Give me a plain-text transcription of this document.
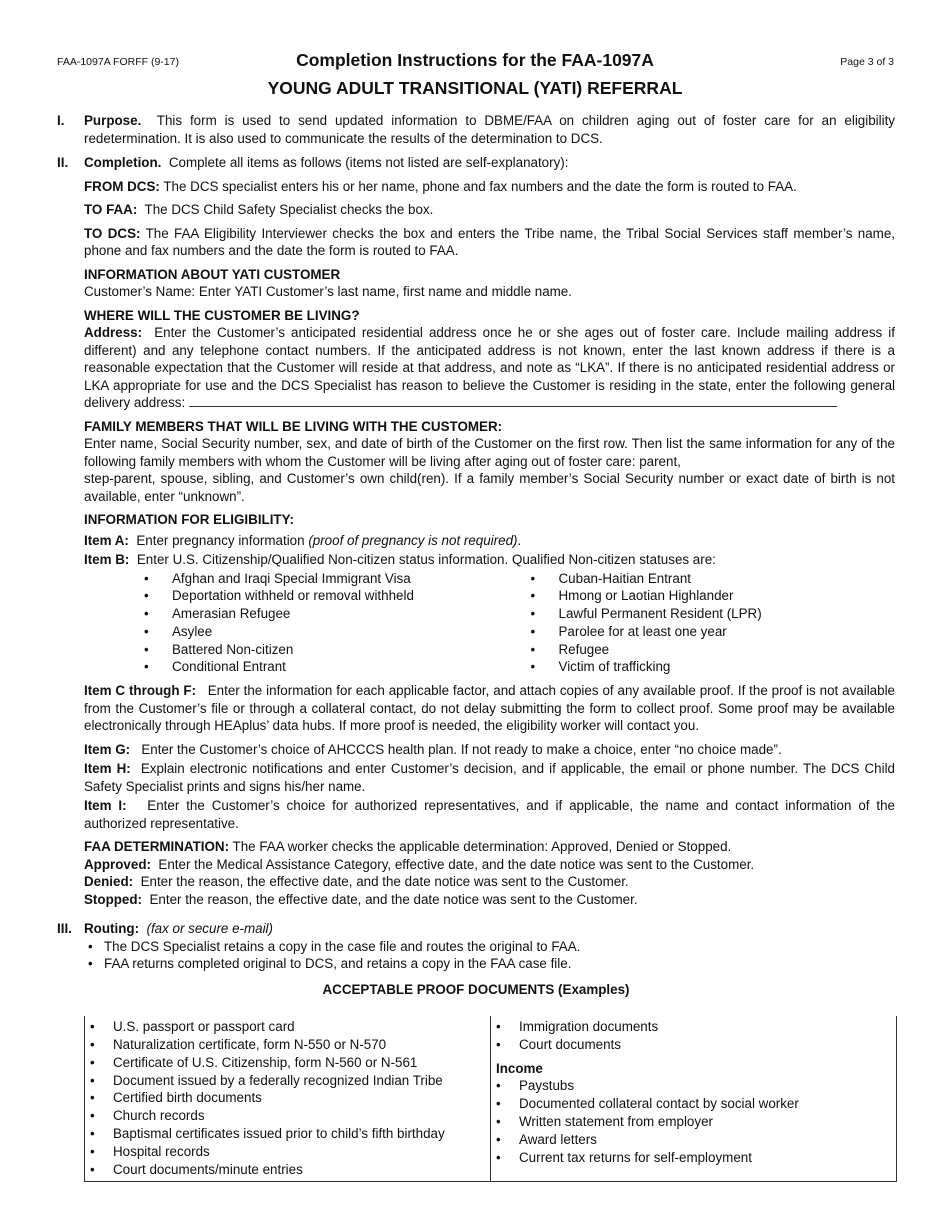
FAA-1097A FORFF (9-17)	Page 3 of 3
Completion Instructions for the FAA-1097A
YOUNG ADULT TRANSITIONAL (YATI) REFERRAL
I. Purpose. This form is used to send updated information to DBME/FAA on children aging out of foster care for an eligibility redetermination. It is also used to communicate the results of the determination to DCS.

II. Completion. Complete all items as follows (items not listed are self-explanatory):

FROM DCS: The DCS specialist enters his or her name, phone and fax numbers and the date the form is routed to FAA.

TO FAA: The DCS Child Safety Specialist checks the box.

TO DCS: The FAA Eligibility Interviewer checks the box and enters the Tribe name, the Tribal Social Services staff member’s name, phone and fax numbers and the date the form is routed to FAA.

INFORMATION ABOUT YATI CUSTOMER

Customer’s Name: Enter YATI Customer’s last name, first name and middle name.

WHERE WILL THE CUSTOMER BE LIVING?

Address: Enter the Customer’s anticipated residential address once he or she ages out of foster care. Include mailing address if different) and any telephone contact numbers. If the anticipated address is not known, enter the last known address if there is a reasonable expectation that the Customer will reside at that address, and note as “LKA”. If there is no anticipated residential address or LKA appropriate for use and the DCS Specialist has reason to believe the Customer is residing in the state, enter the following general delivery address:

FAMILY MEMBERS THAT WILL BE LIVING WITH THE CUSTOMER:
Enter name, Social Security number, sex, and date of birth of the Customer on the first row. Then list the same information for any of the following family members with whom the Customer will be living after aging out of foster care: parent,
step-parent, spouse, sibling, and Customer’s own child(ren). If a family member’s Social Security number or exact date of birth is not available, enter “unknown”.
INFORMATION FOR ELIGIBILITY:

Item A: Enter pregnancy information (proof of pregnancy is not required).

Item B: Enter U.S. Citizenship/Qualified Non-citizen status information. Qualified Non-citizen statuses are:

• Afghan and Iraqi Special Immigrant Visa
• Deportation withheld or removal withheld
• Amerasian Refugee
• Asylee
• Battered Non-citizen
• Conditional Entrant
• Cuban-Haitian Entrant
• Hmong or Laotian Highlander
• Lawful Permanent Resident (LPR)
• Parolee for at least one year
• Refugee
• Victim of trafficking

Item C through F: Enter the information for each applicable factor, and attach copies of any available proof. If the proof is not available from the Customer’s file or through a collateral contact, do not delay submitting the form to collect proof. Some proof may be available electronically through HEAplus’ data hubs. If more proof is needed, the eligibility worker will contact you.

Item G: Enter the Customer’s choice of AHCCCS health plan. If not ready to make a choice, enter “no choice made”.

Item H: Explain electronic notifications and enter Customer’s decision, and if applicable, the email or phone number. The DCS Child Safety Specialist prints and signs his/her name.

Item I: Enter the Customer’s choice for authorized representatives, and if applicable, the name and contact information of the authorized representative.

FAA DETERMINATION: The FAA worker checks the applicable determination: Approved, Denied or Stopped.
Approved: Enter the Medical Assistance Category, effective date, and the date notice was sent to the Customer.
Denied: Enter the reason, the effective date, and the date notice was sent to the Customer.
Stopped: Enter the reason, the effective date, and the date notice was sent to the Customer.
III. Routing: (fax or secure e-mail)
• The DCS Specialist retains a copy in the case file and routes the original to FAA.
• FAA returns completed original to DCS, and retains a copy in the FAA case file.
ACCEPTABLE PROOF DOCUMENTS (Examples)
• U.S. passport or passport card
• Naturalization certificate, form N-550 or N-570
• Certificate of U.S. Citizenship, form N-560 or N-561
• Document issued by a federally recognized Indian Tribe
• Certified birth documents
• Church records
• Baptismal certificates issued prior to child’s fifth birthday
• Hospital records
• Court documents/minute entries
• Immigration documents
• Court documents
Income
• Paystubs
• Documented collateral contact by social worker
• Written statement from employer
• Award letters
• Current tax returns for self-employment
